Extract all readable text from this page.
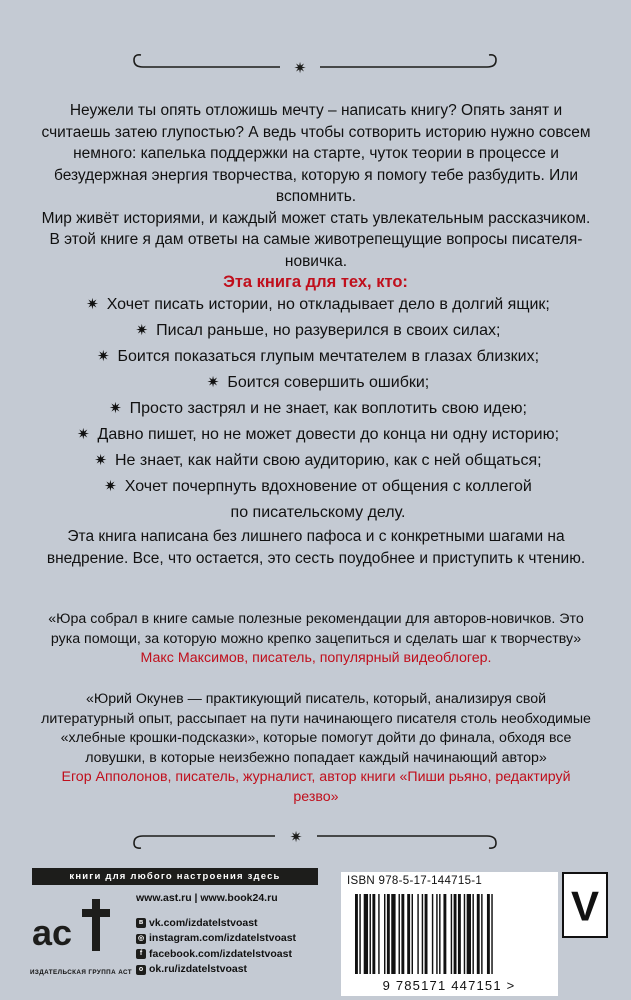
✷

Неужели ты опять отложишь мечту – написать книгу? Опять занят и считаешь затею глупостью? А ведь чтобы сотворить историю нужно совсем немного: капелька поддержки на старте, чуток теории в процессе и безудержная энергия творчества, которую я помогу тебе разбудить. Или вспомнить.

Мир живёт историями, и каждый может стать увлекательным рассказчиком. В этой книге я дам ответы на самые животрепещущие вопросы писателя-новичка.

Эта книга для тех, кто:
✷ Хочет писать истории, но откладывает дело в долгий ящик;
✷ Писал раньше, но разуверился в своих силах;
✷ Боится показаться глупым мечтателем в глазах близких;
✷ Боится совершить ошибки;
✷ Просто застрял и не знает, как воплотить свою идею;
✷ Давно пишет, но не может довести до конца ни одну историю;
✷ Не знает, как найти свою аудиторию, как с ней общаться;
✷ Хочет почерпнуть вдохновение от общения с коллегой
по писательскому делу.
Эта книга написана без лишнего пафоса и с конкретными шагами на внедрение. Все, что остается, это сесть поудобнее и приступить к чтению.

«Юра собрал в книге самые полезные рекомендации для авторов-новичков. Это рука помощи, за которую можно крепко зацепиться и сделать шаг к творчеству»

Макс Максимов, писатель, популярный видеоблогер.

«Юрий Окунев — практикующий писатель, который, анализируя свой литературный опыт, рассыпает на пути начинающего писателя столь необходимые «хлебные крошки-подсказки», которые помогут дойти до финала, обходя все ловушки, в которые неизбежно попадает каждый начинающий автор»

Егор Апполонов, писатель, журналист, автор книги «Пиши рьяно, редактируй резво»
✷
книги для любого настроения здесь
ac
ИЗДАТЕЛЬСКАЯ ГРУППА АСТ
www.ast.ru | www.book24.ru
в vk.com/izdatelstvoast
◎ instagram.com/izdatelstvoast
f facebook.com/izdatelstvoast
о ok.ru/izdatelstvoast
ISBN 978-5-17-144715-1
9 785171 447151 >
V
